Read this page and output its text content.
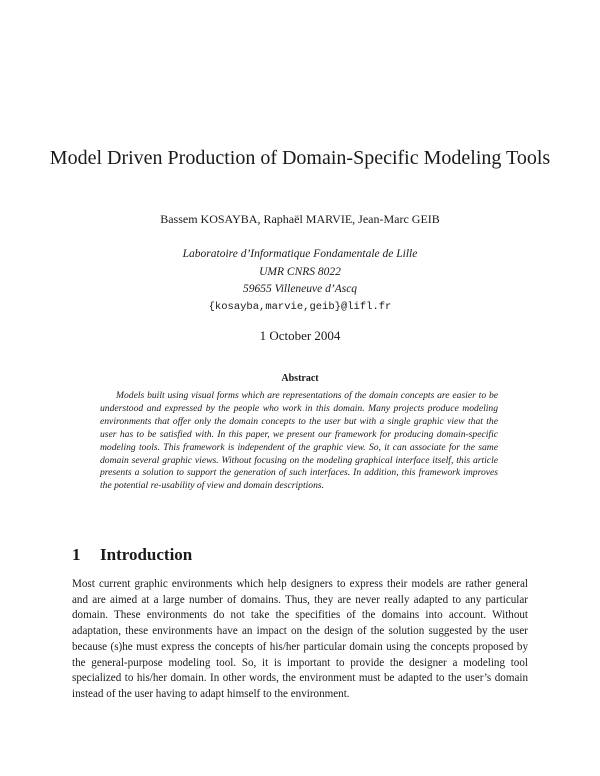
Model Driven Production of Domain-Specific Modeling Tools
Bassem KOSAYBA, Raphaël MARVIE, Jean-Marc GEIB
Laboratoire d’Informatique Fondamentale de Lille
UMR CNRS 8022
59655 Villeneuve d’Ascq
{kosayba,marvie,geib}@lifl.fr
1 October 2004
Abstract

Models built using visual forms which are representations of the domain concepts are easier to be understood and expressed by the people who work in this domain. Many projects produce modeling environments that offer only the domain concepts to the user but with a single graphic view that the user has to be satisfied with. In this paper, we present our framework for producing domain-specific modeling tools. This framework is independent of the graphic view. So, it can associate for the same domain several graphic views. Without focusing on the modeling graphical interface itself, this article presents a solution to support the generation of such interfaces. In addition, this framework improves the potential re-usability of view and domain descriptions.

1 Introduction

Most current graphic environments which help designers to express their models are rather general and are aimed at a large number of domains. Thus, they are never really adapted to any particular domain. These environments do not take the specifities of the domains into account. Without adaptation, these environments have an impact on the design of the solution suggested by the user because (s)he must express the concepts of his/her particular domain using the concepts proposed by the general-purpose modeling tool. So, it is important to provide the designer a modeling tool specialized to his/her domain. In other words, the environment must be adapted to the user’s domain instead of the user having to adapt himself to the environment.
